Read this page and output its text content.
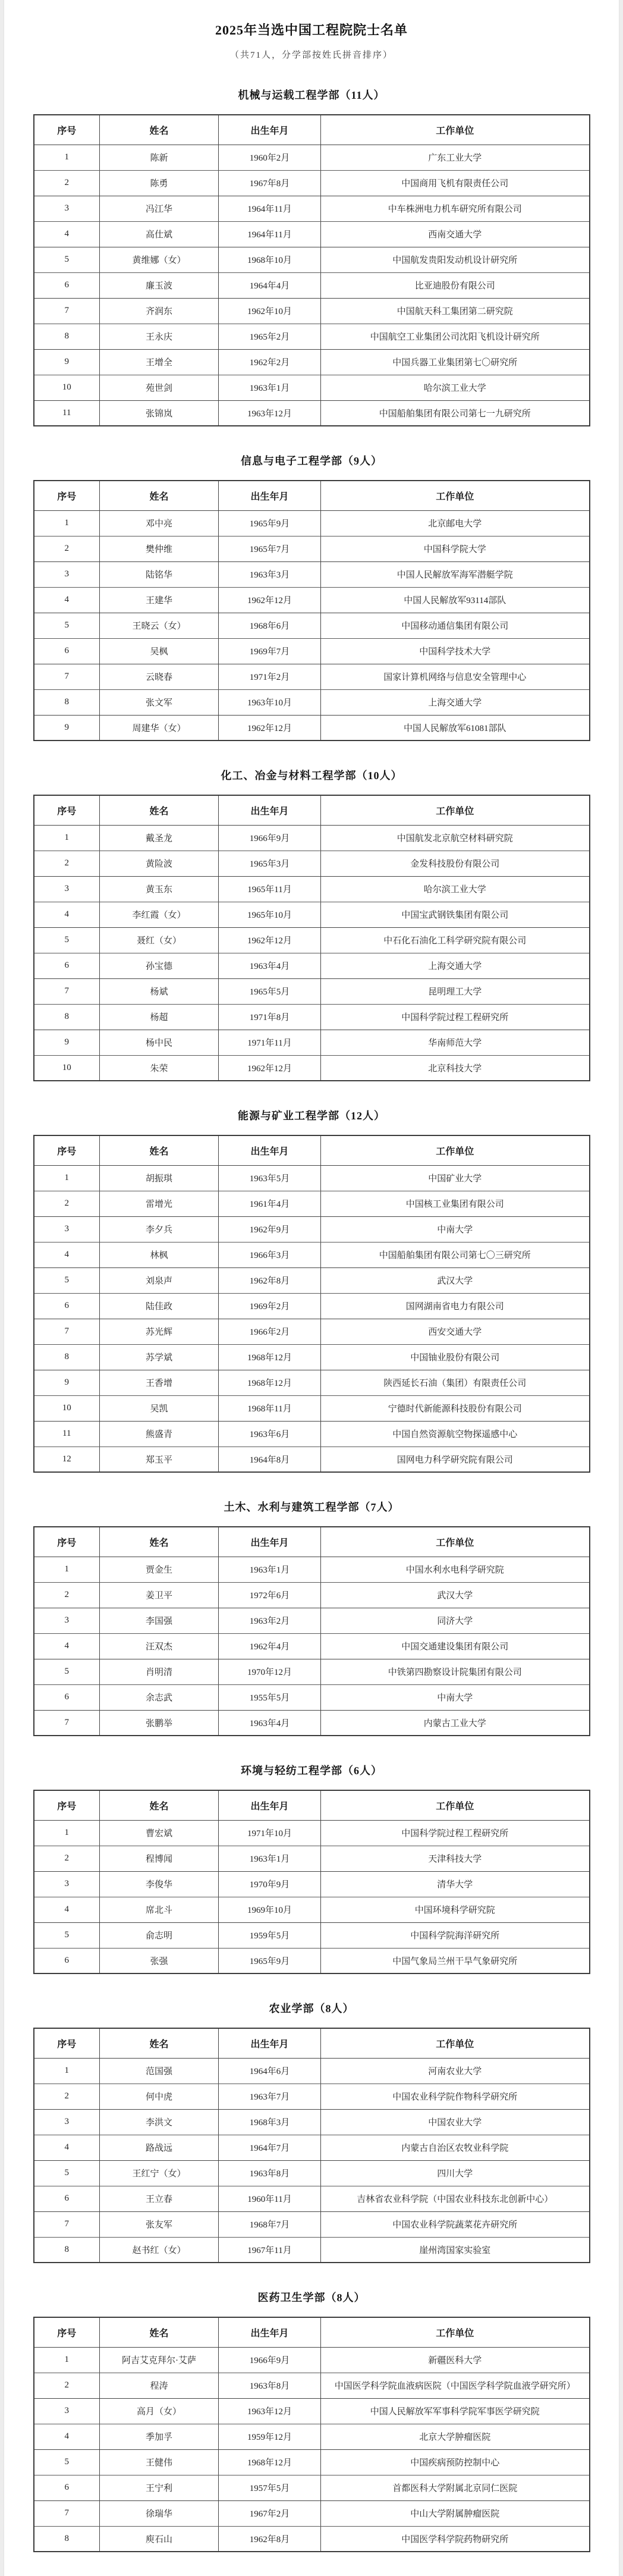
2025年当选中国工程院院士名单
（共71人，分学部按姓氏拼音排序）
机械与运载工程学部（11人）
序号	姓名	出生年月	工作单位
1	陈新	1960年2月	广东工业大学
2	陈勇	1967年8月	中国商用飞机有限责任公司
3	冯江华	1964年11月	中车株洲电力机车研究所有限公司
4	高仕斌	1964年11月	西南交通大学
5	黄维娜（女）	1968年10月	中国航发贵阳发动机设计研究所
6	廉玉波	1964年4月	比亚迪股份有限公司
7	齐润东	1962年10月	中国航天科工集团第二研究院
8	王永庆	1965年2月	中国航空工业集团公司沈阳飞机设计研究所
9	王增全	1962年2月	中国兵器工业集团第七〇研究所
10	苑世剑	1963年1月	哈尔滨工业大学
11	张锦岚	1963年12月	中国船舶集团有限公司第七一九研究所
信息与电子工程学部（9人）
序号	姓名	出生年月	工作单位
1	邓中亮	1965年9月	北京邮电大学
2	樊仲维	1965年7月	中国科学院大学
3	陆铭华	1963年3月	中国人民解放军海军潜艇学院
4	王建华	1962年12月	中国人民解放军93114部队
5	王晓云（女）	1968年6月	中国移动通信集团有限公司
6	吴枫	1969年7月	中国科学技术大学
7	云晓春	1971年2月	国家计算机网络与信息安全管理中心
8	张文军	1963年10月	上海交通大学
9	周建华（女）	1962年12月	中国人民解放军61081部队
化工、冶金与材料工程学部（10人）
序号	姓名	出生年月	工作单位
1	戴圣龙	1966年9月	中国航发北京航空材料研究院
2	黄险波	1965年3月	金发科技股份有限公司
3	黄玉东	1965年11月	哈尔滨工业大学
4	李红霞（女）	1965年10月	中国宝武钢铁集团有限公司
5	聂红（女）	1962年12月	中石化石油化工科学研究院有限公司
6	孙宝德	1963年4月	上海交通大学
7	杨斌	1965年5月	昆明理工大学
8	杨超	1971年8月	中国科学院过程工程研究所
9	杨中民	1971年11月	华南师范大学
10	朱荣	1962年12月	北京科技大学
能源与矿业工程学部（12人）
序号	姓名	出生年月	工作单位
1	胡振琪	1963年5月	中国矿业大学
2	雷增光	1961年4月	中国核工业集团有限公司
3	李夕兵	1962年9月	中南大学
4	林枫	1966年3月	中国船舶集团有限公司第七〇三研究所
5	刘泉声	1962年8月	武汉大学
6	陆佳政	1969年2月	国网湖南省电力有限公司
7	苏光辉	1966年2月	西安交通大学
8	苏学斌	1968年12月	中国铀业股份有限公司
9	王香增	1968年12月	陕西延长石油（集团）有限责任公司
10	吴凯	1968年11月	宁德时代新能源科技股份有限公司
11	熊盛青	1963年6月	中国自然资源航空物探遥感中心
12	郑玉平	1964年8月	国网电力科学研究院有限公司
土木、水利与建筑工程学部（7人）
序号	姓名	出生年月	工作单位
1	贾金生	1963年1月	中国水利水电科学研究院
2	姜卫平	1972年6月	武汉大学
3	李国强	1963年2月	同济大学
4	汪双杰	1962年4月	中国交通建设集团有限公司
5	肖明清	1970年12月	中铁第四勘察设计院集团有限公司
6	余志武	1955年5月	中南大学
7	张鹏举	1963年4月	内蒙古工业大学
环境与轻纺工程学部（6人）
序号	姓名	出生年月	工作单位
1	曹宏斌	1971年10月	中国科学院过程工程研究所
2	程博闻	1963年1月	天津科技大学
3	李俊华	1970年9月	清华大学
4	席北斗	1969年10月	中国环境科学研究院
5	俞志明	1959年5月	中国科学院海洋研究所
6	张强	1965年9月	中国气象局兰州干旱气象研究所
农业学部（8人）
序号	姓名	出生年月	工作单位
1	范国强	1964年6月	河南农业大学
2	何中虎	1963年7月	中国农业科学院作物科学研究所
3	李洪文	1968年3月	中国农业大学
4	路战远	1964年7月	内蒙古自治区农牧业科学院
5	王红宁（女）	1963年8月	四川大学
6	王立春	1960年11月	吉林省农业科学院（中国农业科技东北创新中心）
7	张友军	1968年7月	中国农业科学院蔬菜花卉研究所
8	赵书红（女）	1967年11月	崖州湾国家实验室
医药卫生学部（8人）
序号	姓名	出生年月	工作单位
1	阿吉艾克拜尔·艾萨	1966年9月	新疆医科大学
2	程涛	1963年8月	中国医学科学院血液病医院（中国医学科学院血液学研究所）
3	高月（女）	1963年12月	中国人民解放军军事科学院军事医学研究院
4	季加孚	1959年12月	北京大学肿瘤医院
5	王健伟	1968年12月	中国疾病预防控制中心
6	王宁利	1957年5月	首都医科大学附属北京同仁医院
7	徐瑞华	1967年2月	中山大学附属肿瘤医院
8	庾石山	1962年8月	中国医学科学院药物研究所
